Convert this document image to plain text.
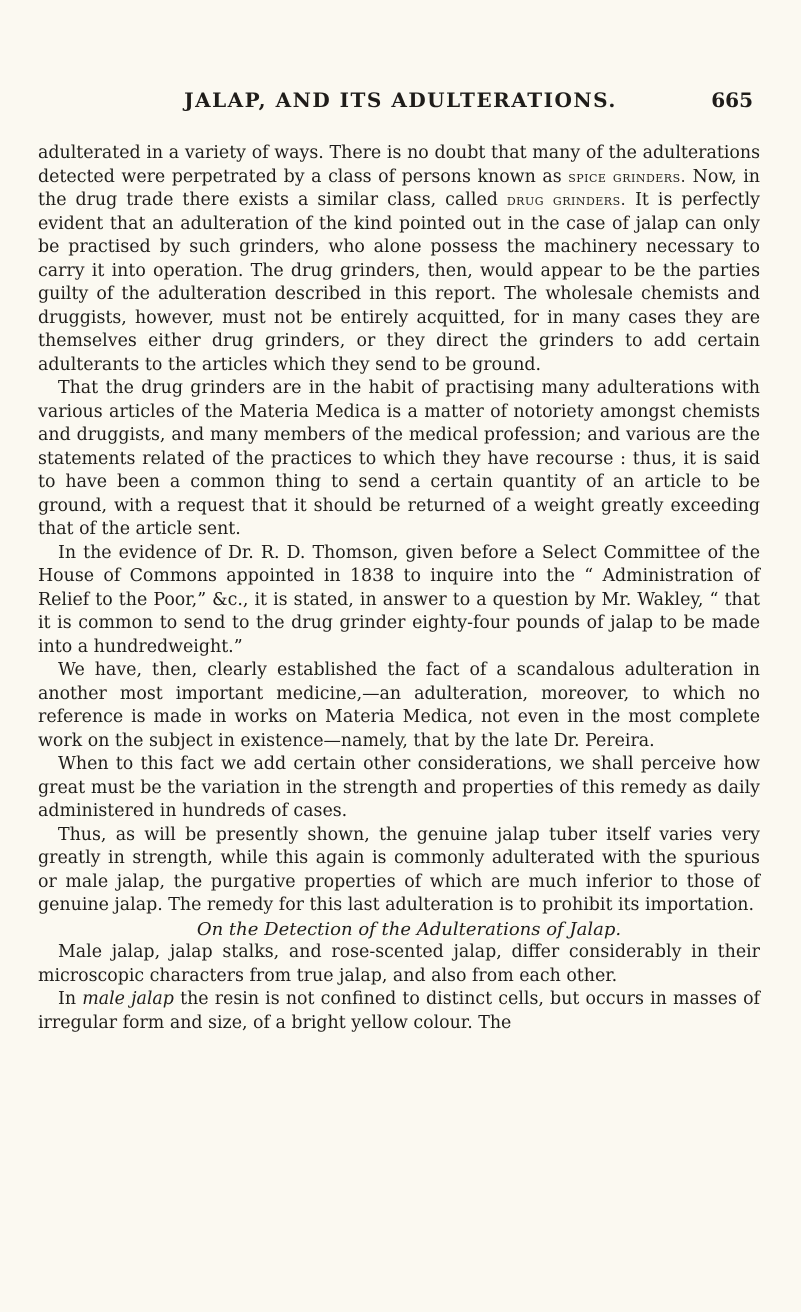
JALAP, AND ITS ADULTERATIONS.	665

adulterated in a variety of ways. There is no doubt that many of the adulterations detected were perpetrated by a class of persons known as spice grinders. Now, in the drug trade there exists a similar class, called drug grinders. It is perfectly evident that an adulteration of the kind pointed out in the case of jalap can only be practised by such grinders, who alone possess the machinery necessary to carry it into operation. The drug grinders, then, would appear to be the parties guilty of the adulteration described in this report. The wholesale chemists and druggists, however, must not be entirely acquitted, for in many cases they are themselves either drug grinders, or they direct the grinders to add certain adulterants to the articles which they send to be ground.

That the drug grinders are in the habit of practising many adulterations with various articles of the Materia Medica is a matter of notoriety amongst chemists and druggists, and many members of the medical profession; and various are the statements related of the practices to which they have recourse : thus, it is said to have been a common thing to send a certain quantity of an article to be ground, with a request that it should be returned of a weight greatly exceeding that of the article sent.

In the evidence of Dr. R. D. Thomson, given before a Select Committee of the House of Commons appointed in 1838 to inquire into the “ Administration of Relief to the Poor,” &c., it is stated, in answer to a question by Mr. Wakley, “ that it is common to send to the drug grinder eighty-four pounds of jalap to be made into a hundredweight.”

We have, then, clearly established the fact of a scandalous adulteration in another most important medicine,—an adulteration, moreover, to which no reference is made in works on Materia Medica, not even in the most complete work on the subject in existence—namely, that by the late Dr. Pereira.

When to this fact we add certain other considerations, we shall perceive how great must be the variation in the strength and properties of this remedy as daily administered in hundreds of cases.

Thus, as will be presently shown, the genuine jalap tuber itself varies very greatly in strength, while this again is commonly adulterated with the spurious or male jalap, the purgative properties of which are much inferior to those of genuine jalap. The remedy for this last adulteration is to prohibit its importation.

On the Detection of the Adulterations of Jalap.

Male jalap, jalap stalks, and rose-scented jalap, differ considerably in their microscopic characters from true jalap, and also from each other.

In male jalap the resin is not confined to distinct cells, but occurs in masses of irregular form and size, of a bright yellow colour. The
